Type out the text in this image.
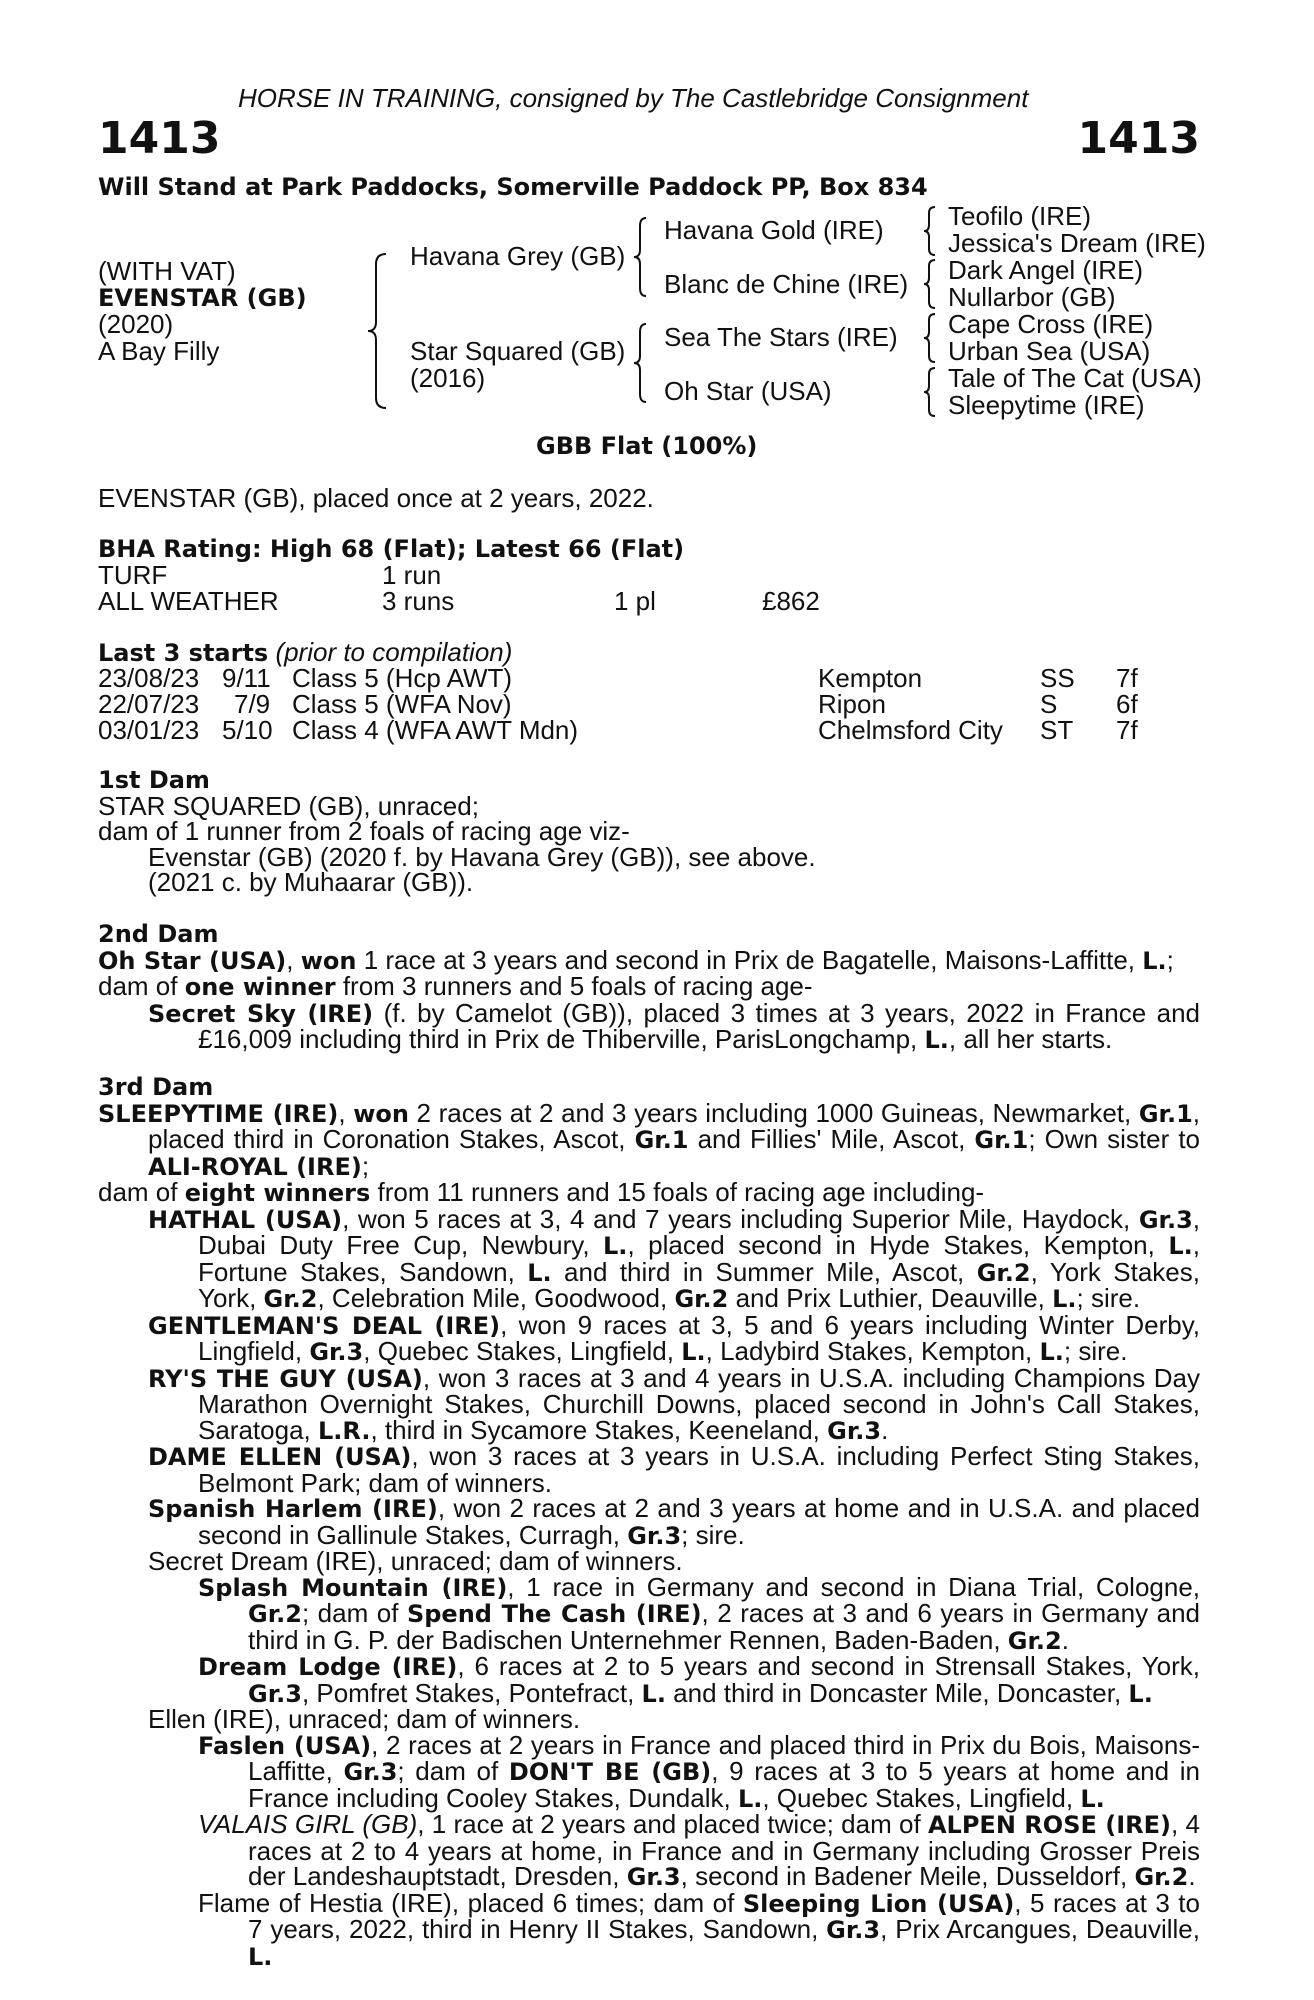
HORSE IN TRAINING, consigned by The Castlebridge Consignment
1413	1413
Will Stand at Park Paddocks, Somerville Paddock PP, Box 834
(WITH VAT)
EVENSTAR (GB)
(2020)
A Bay Filly
Havana Grey (GB)
Star Squared (GB)
(2016)
Havana Gold (IRE)
Blanc de Chine (IRE)
Sea The Stars (IRE)
Oh Star (USA)
Teofilo (IRE)
Jessica's Dream (IRE)
Dark Angel (IRE)
Nullarbor (GB)
Cape Cross (IRE)
Urban Sea (USA)
Tale of The Cat (USA)
Sleepytime (IRE)
GBB Flat (100%)
EVENSTAR (GB), placed once at 2 years, 2022.
BHA Rating: High 68 (Flat); Latest 66 (Flat)
TURF	1 run
ALL WEATHER	3 runs	1 pl	£862
Last 3 starts (prior to compilation)
23/08/23 9/11 Class 5 (Hcp AWT)	Kempton	SS 7f
22/07/23 7/9 Class 5 (WFA Nov)	Ripon	S 6f
03/01/23 5/10 Class 4 (WFA AWT Mdn)	Chelmsford City ST 7f

1st Dam

STAR SQUARED (GB), unraced;

dam of 1 runner from 2 foals of racing age viz-

Evenstar (GB) (2020 f. by Havana Grey (GB)), see above.

(2021 c. by Muhaarar (GB)).

2nd Dam

Oh Star (USA), won 1 race at 3 years and second in Prix de Bagatelle, Maisons-Laffitte, L.;

dam of one winner from 3 runners and 5 foals of racing age-

Secret Sky (IRE) (f. by Camelot (GB)), placed 3 times at 3 years, 2022 in France and £16,009 including third in Prix de Thiberville, ParisLongchamp, L., all her starts.

3rd Dam

SLEEPYTIME (IRE), won 2 races at 2 and 3 years including 1000 Guineas, Newmarket, Gr.1, placed third in Coronation Stakes, Ascot, Gr.1 and Fillies' Mile, Ascot, Gr.1; Own sister to ALI-ROYAL (IRE);

dam of eight winners from 11 runners and 15 foals of racing age including-

HATHAL (USA), won 5 races at 3, 4 and 7 years including Superior Mile, Haydock, Gr.3, Dubai Duty Free Cup, Newbury, L., placed second in Hyde Stakes, Kempton, L., Fortune Stakes, Sandown, L. and third in Summer Mile, Ascot, Gr.2, York Stakes, York, Gr.2, Celebration Mile, Goodwood, Gr.2 and Prix Luthier, Deauville, L.; sire.

GENTLEMAN'S DEAL (IRE), won 9 races at 3, 5 and 6 years including Winter Derby, Lingfield, Gr.3, Quebec Stakes, Lingfield, L., Ladybird Stakes, Kempton, L.; sire.

RY'S THE GUY (USA), won 3 races at 3 and 4 years in U.S.A. including Champions Day Marathon Overnight Stakes, Churchill Downs, placed second in John's Call Stakes, Saratoga, L.R., third in Sycamore Stakes, Keeneland, Gr.3.

DAME ELLEN (USA), won 3 races at 3 years in U.S.A. including Perfect Sting Stakes, Belmont Park; dam of winners.

Spanish Harlem (IRE), won 2 races at 2 and 3 years at home and in U.S.A. and placed second in Gallinule Stakes, Curragh, Gr.3; sire.

Secret Dream (IRE), unraced; dam of winners.

Splash Mountain (IRE), 1 race in Germany and second in Diana Trial, Cologne, Gr.2; dam of Spend The Cash (IRE), 2 races at 3 and 6 years in Germany and third in G. P. der Badischen Unternehmer Rennen, Baden-Baden, Gr.2.

Dream Lodge (IRE), 6 races at 2 to 5 years and second in Strensall Stakes, York, Gr.3, Pomfret Stakes, Pontefract, L. and third in Doncaster Mile, Doncaster, L.

Ellen (IRE), unraced; dam of winners.

Faslen (USA), 2 races at 2 years in France and placed third in Prix du Bois, Maisons-Laffitte, Gr.3; dam of DON'T BE (GB), 9 races at 3 to 5 years at home and in France including Cooley Stakes, Dundalk, L., Quebec Stakes, Lingfield, L.

VALAIS GIRL (GB), 1 race at 2 years and placed twice; dam of ALPEN ROSE (IRE), 4 races at 2 to 4 years at home, in France and in Germany including Grosser Preis der Landeshauptstadt, Dresden, Gr.3, second in Badener Meile, Dusseldorf, Gr.2.

Flame of Hestia (IRE), placed 6 times; dam of Sleeping Lion (USA), 5 races at 3 to 7 years, 2022, third in Henry II Stakes, Sandown, Gr.3, Prix Arcangues, Deauville, L.
